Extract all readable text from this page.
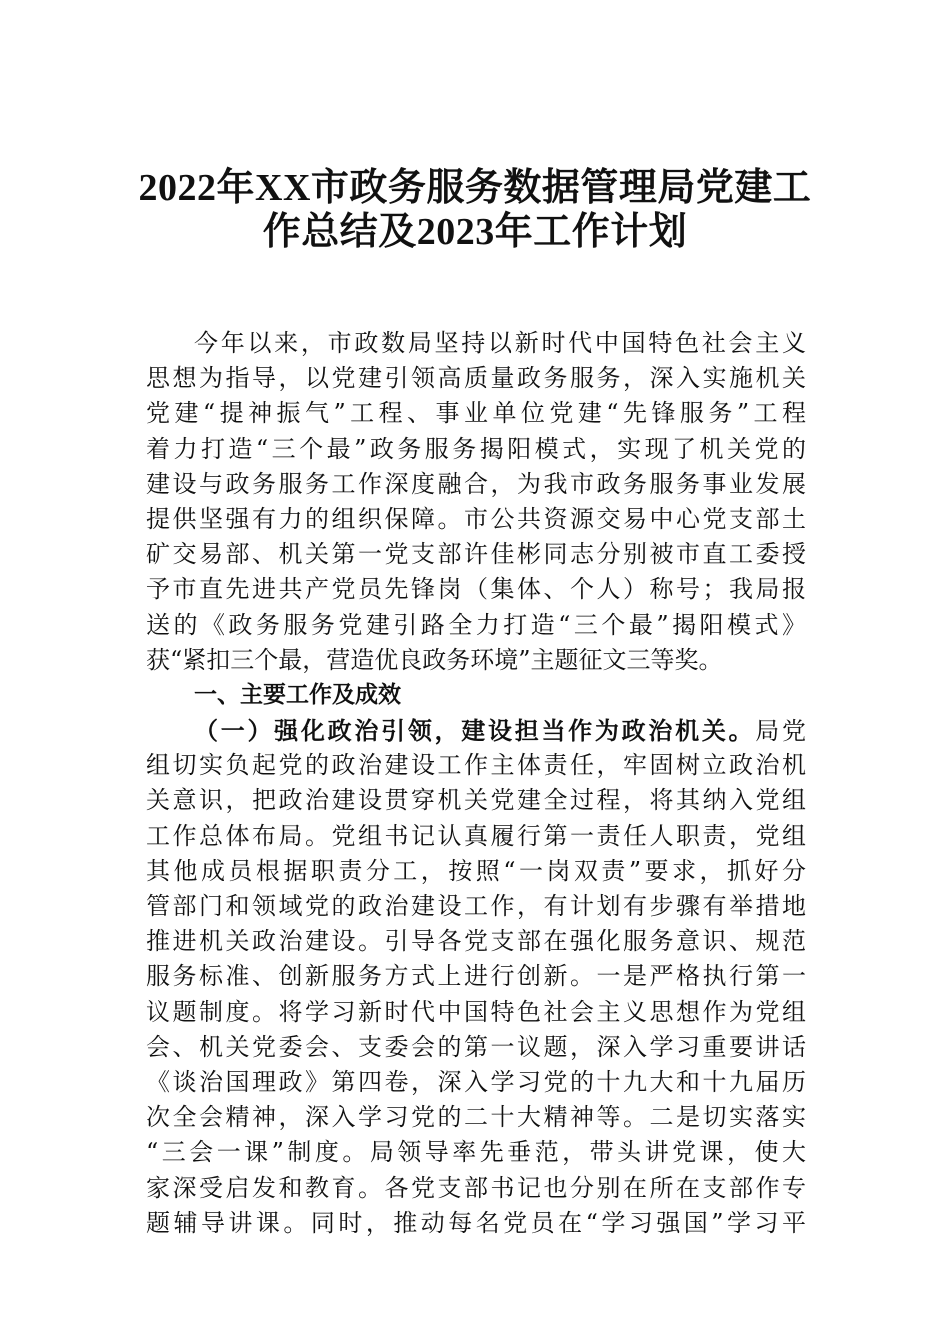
2022年XX市政务服务数据管理局党建工
作总结及2023年工作计划
今年以来，市政数局坚持以新时代中国特色社会主义
思想为指导，以党建引领高质量政务服务，深入实施机关
党建“提神振气”工程、事业单位党建“先锋服务”工程
着力打造“三个最”政务服务揭阳模式，实现了机关党的
建设与政务服务工作深度融合，为我市政务服务事业发展
提供坚强有力的组织保障。市公共资源交易中心党支部土
矿交易部、机关第一党支部许佳彬同志分别被市直工委授
予市直先进共产党员先锋岗（集体、个人）称号；我局报
送的《政务服务党建引路全力打造“三个最”揭阳模式》
获“紧扣三个最，营造优良政务环境”主题征文三等奖。
一、主要工作及成效
（一）强化政治引领，建设担当作为政治机关。局党
组切实负起党的政治建设工作主体责任，牢固树立政治机
关意识，把政治建设贯穿机关党建全过程，将其纳入党组
工作总体布局。党组书记认真履行第一责任人职责，党组
其他成员根据职责分工，按照“一岗双责”要求，抓好分
管部门和领域党的政治建设工作，有计划有步骤有举措地
推进机关政治建设。引导各党支部在强化服务意识、规范
服务标准、创新服务方式上进行创新。一是严格执行第一
议题制度。将学习新时代中国特色社会主义思想作为党组
会、机关党委会、支委会的第一议题，深入学习重要讲话
《谈治国理政》第四卷，深入学习党的十九大和十九届历
次全会精神，深入学习党的二十大精神等。二是切实落实
“三会一课”制度。局领导率先垂范，带头讲党课，使大
家深受启发和教育。各党支部书记也分别在所在支部作专
题辅导讲课。同时，推动每名党员在“学习强国”学习平
